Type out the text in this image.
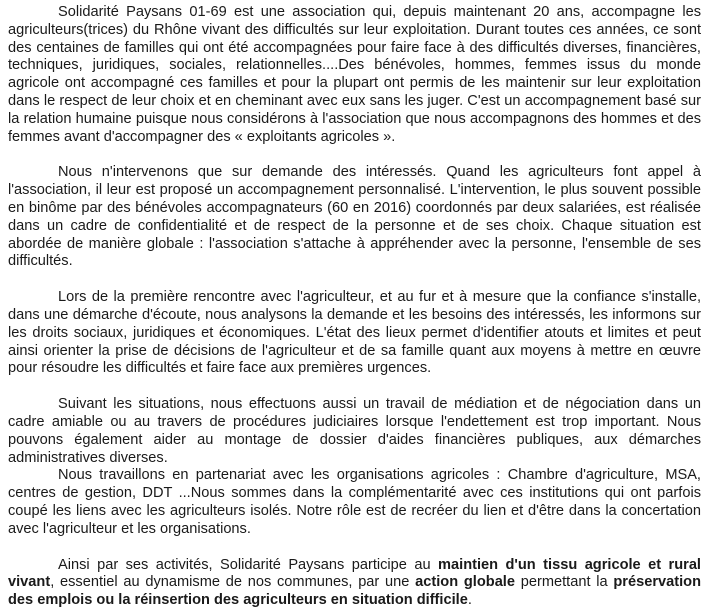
Solidarité Paysans 01-69 est une association qui, depuis maintenant 20 ans, accompagne les agriculteurs(trices) du Rhône vivant des difficultés sur leur exploitation. Durant toutes ces années, ce sont des centaines de familles qui ont été accompagnées pour faire face à des difficultés diverses, financières, techniques, juridiques, sociales, relationnelles....Des bénévoles, hommes, femmes issus du monde agricole ont accompagné ces familles et pour la plupart ont permis de les maintenir sur leur exploitation dans le respect de leur choix et en cheminant avec eux sans les juger. C'est un accompagnement basé sur la relation humaine puisque nous considérons à l'association que nous accompagnons des hommes et des femmes avant d'accompagner des « exploitants agricoles ».

Nous n'intervenons que sur demande des intéressés. Quand les agriculteurs font appel à l'association, il leur est proposé un accompagnement personnalisé. L'intervention, le plus souvent possible en binôme par des bénévoles accompagnateurs (60 en 2016) coordonnés par deux salariées, est réalisée dans un cadre de confidentialité et de respect de la personne et de ses choix. Chaque situation est abordée de manière globale : l'association s'attache à appréhender avec la personne, l'ensemble de ses difficultés.

Lors de la première rencontre avec l'agriculteur, et au fur et à mesure que la confiance s'installe, dans une démarche d'écoute, nous analysons la demande et les besoins des intéressés, les informons sur les droits sociaux, juridiques et économiques. L'état des lieux permet d'identifier atouts et limites et peut ainsi orienter la prise de décisions de l'agriculteur et de sa famille quant aux moyens à mettre en œuvre pour résoudre les difficultés et faire face aux premières urgences.

Suivant les situations, nous effectuons aussi un travail de médiation et de négociation dans un cadre amiable ou au travers de procédures judiciaires lorsque l'endettement est trop important. Nous pouvons également aider au montage de dossier d'aides financières publiques, aux démarches administratives diverses.

Nous travaillons en partenariat avec les organisations agricoles : Chambre d'agriculture, MSA, centres de gestion, DDT ...Nous sommes dans la complémentarité avec ces institutions qui ont parfois coupé les liens avec les agriculteurs isolés. Notre rôle est de recréer du lien et d'être dans la concertation avec l'agriculteur et les organisations.

Ainsi par ses activités, Solidarité Paysans participe au maintien d'un tissu agricole et rural vivant, essentiel au dynamisme de nos communes, par une action globale permettant la préservation des emplois ou la réinsertion des agriculteurs en situation difficile.
